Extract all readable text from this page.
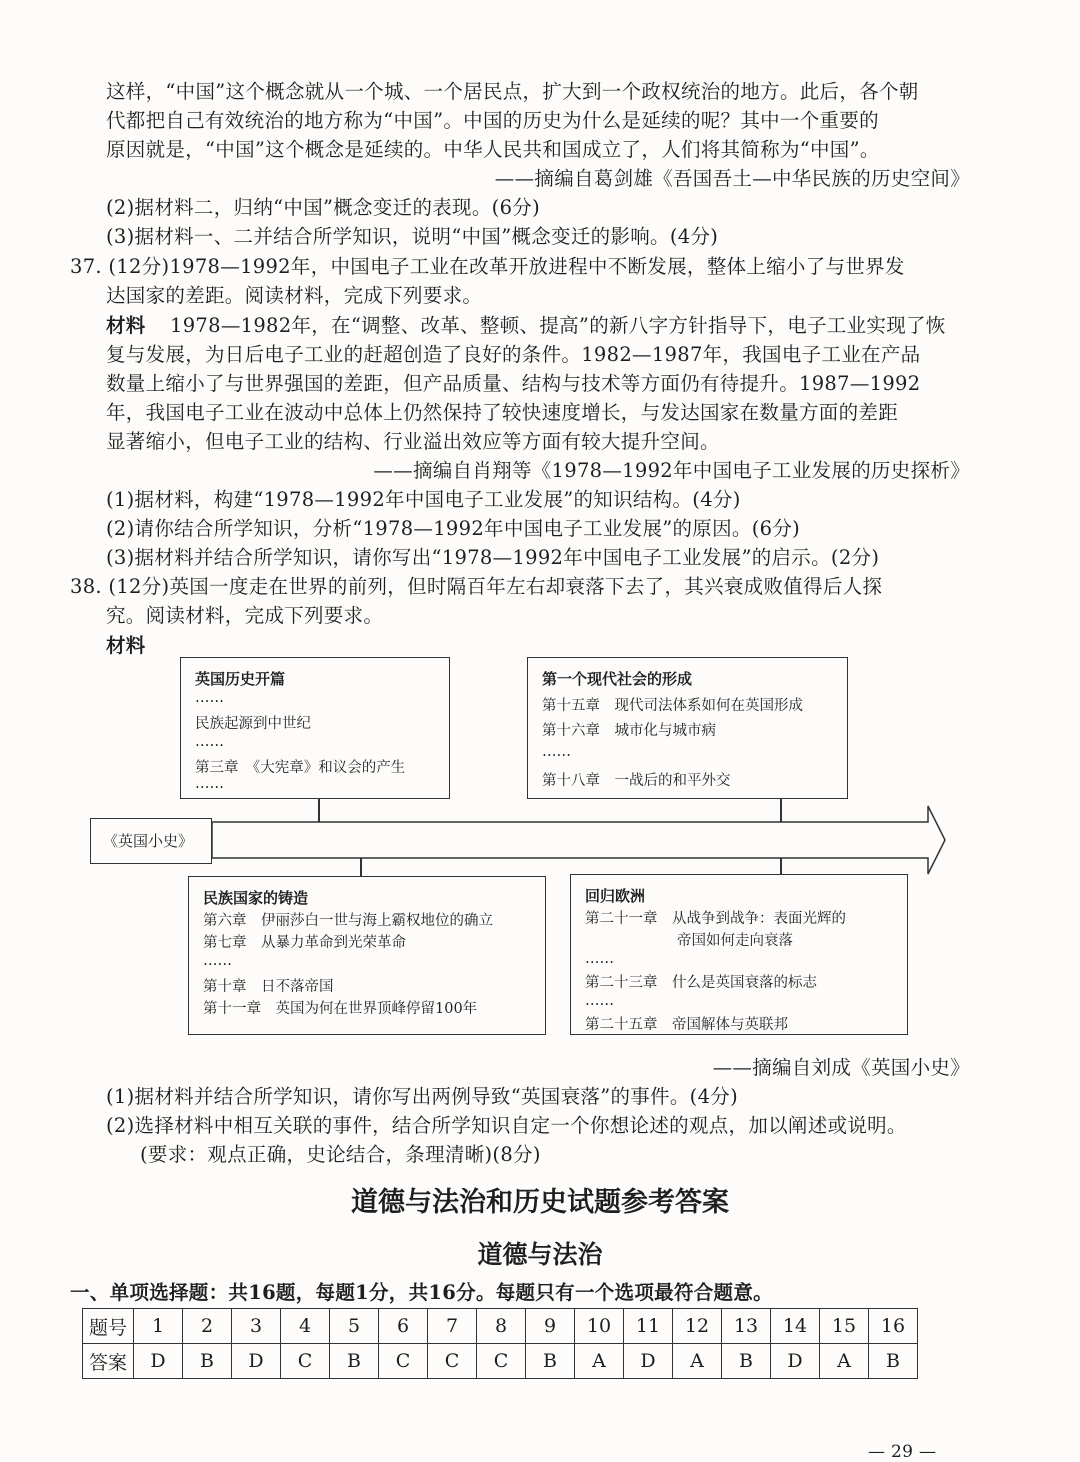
这样，“中国”这个概念就从一个城、一个居民点，扩大到一个政权统治的地方。此后，各个朝
代都把自己有效统治的地方称为“中国”。中国的历史为什么是延续的呢？其中一个重要的
原因就是，“中国”这个概念是延续的。中华人民共和国成立了，人们将其简称为“中国”。
——摘编自葛剑雄《吾国吾土—中华民族的历史空间》
(2)据材料二，归纳“中国”概念变迁的表现。(6分)
(3)据材料一、二并结合所学知识，说明“中国”概念变迁的影响。(4分)
37. (12分)1978—1992年，中国电子工业在改革开放进程中不断发展，整体上缩小了与世界发
达国家的差距。阅读材料，完成下列要求。
材料 1978—1982年，在“调整、改革、整顿、提高”的新八字方针指导下，电子工业实现了恢
复与发展，为日后电子工业的赶超创造了良好的条件。1982—1987年，我国电子工业在产品
数量上缩小了与世界强国的差距，但产品质量、结构与技术等方面仍有待提升。1987—1992
年，我国电子工业在波动中总体上仍然保持了较快速度增长，与发达国家在数量方面的差距
显著缩小，但电子工业的结构、行业溢出效应等方面有较大提升空间。
——摘编自肖翔等《1978—1992年中国电子工业发展的历史探析》
(1)据材料，构建“1978—1992年中国电子工业发展”的知识结构。(4分)
(2)请你结合所学知识，分析“1978—1992年中国电子工业发展”的原因。(6分)
(3)据材料并结合所学知识，请你写出“1978—1992年中国电子工业发展”的启示。(2分)
38. (12分)英国一度走在世界的前列，但时隔百年左右却衰落下去了，其兴衰成败值得后人探
究。阅读材料，完成下列要求。
材料
《英国小史》
英国历史开篇
……
民族起源到中世纪
……
第三章　《大宪章》和议会的产生
……
第一个现代社会的形成
第十五章　现代司法体系如何在英国形成
第十六章　城市化与城市病
……
第十八章　一战后的和平外交
民族国家的铸造
第六章　伊丽莎白一世与海上霸权地位的确立
第七章　从暴力革命到光荣革命
……
第十章　日不落帝国
第十一章　英国为何在世界顶峰停留100年
回归欧洲
第二十一章　从战争到战争：表面光辉的
帝国如何走向衰落
……
第二十三章　什么是英国衰落的标志
……
第二十五章　帝国解体与英联邦
——摘编自刘成《英国小史》
(1)据材料并结合所学知识，请你写出两例导致“英国衰落”的事件。(4分)
(2)选择材料中相互关联的事件，结合所学知识自定一个你想论述的观点，加以阐述或说明。
(要求：观点正确，史论结合，条理清晰)(8分)
道德与法治和历史试题参考答案
道德与法治
一、单项选择题：共16题，每题1分，共16分。每题只有一个选项最符合题意。
题号	1	2	3	4	5	6	7	8	9	10	11	12	13	14	15	16
答案	D	B	D	C	B	C	C	C	B	A	D	A	B	D	A	B
— 29 —
